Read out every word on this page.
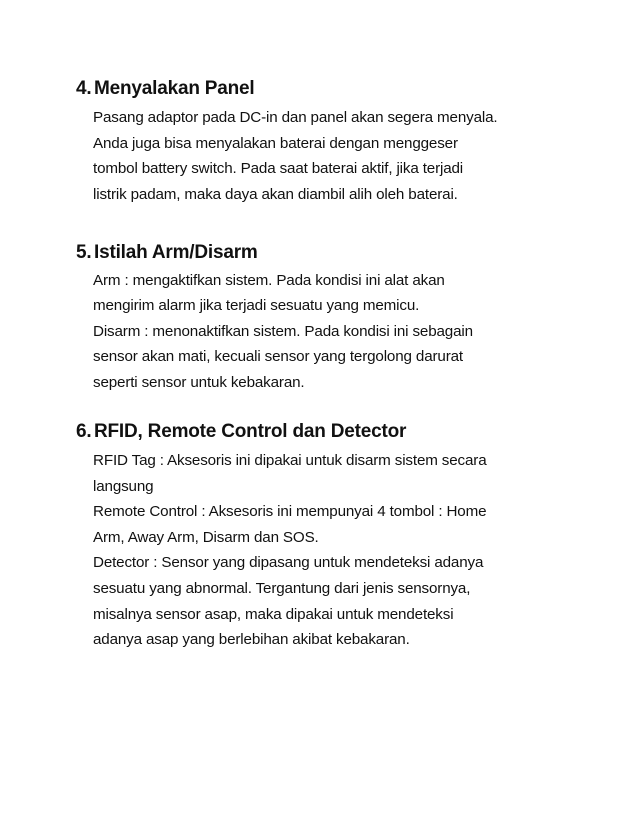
4. Menyalakan Panel
Pasang adaptor pada DC-in dan panel akan segera menyala.
Anda juga bisa menyalakan baterai dengan menggeser
tombol battery switch. Pada saat baterai aktif, jika terjadi
listrik padam, maka daya akan diambil alih oleh baterai.
5. Istilah Arm/Disarm
Arm : mengaktifkan sistem. Pada kondisi ini alat akan
mengirim alarm jika terjadi sesuatu yang memicu.
Disarm : menonaktifkan sistem. Pada kondisi ini sebagain
sensor akan mati, kecuali sensor yang tergolong darurat
seperti sensor untuk kebakaran.
6. RFID, Remote Control dan Detector
RFID Tag : Aksesoris ini dipakai untuk disarm sistem secara
langsung
Remote Control : Aksesoris ini mempunyai 4 tombol : Home
Arm, Away Arm, Disarm dan SOS.
Detector : Sensor yang dipasang untuk mendeteksi adanya
sesuatu yang abnormal. Tergantung dari jenis sensornya,
misalnya sensor asap, maka dipakai untuk mendeteksi
adanya asap yang berlebihan akibat kebakaran.
